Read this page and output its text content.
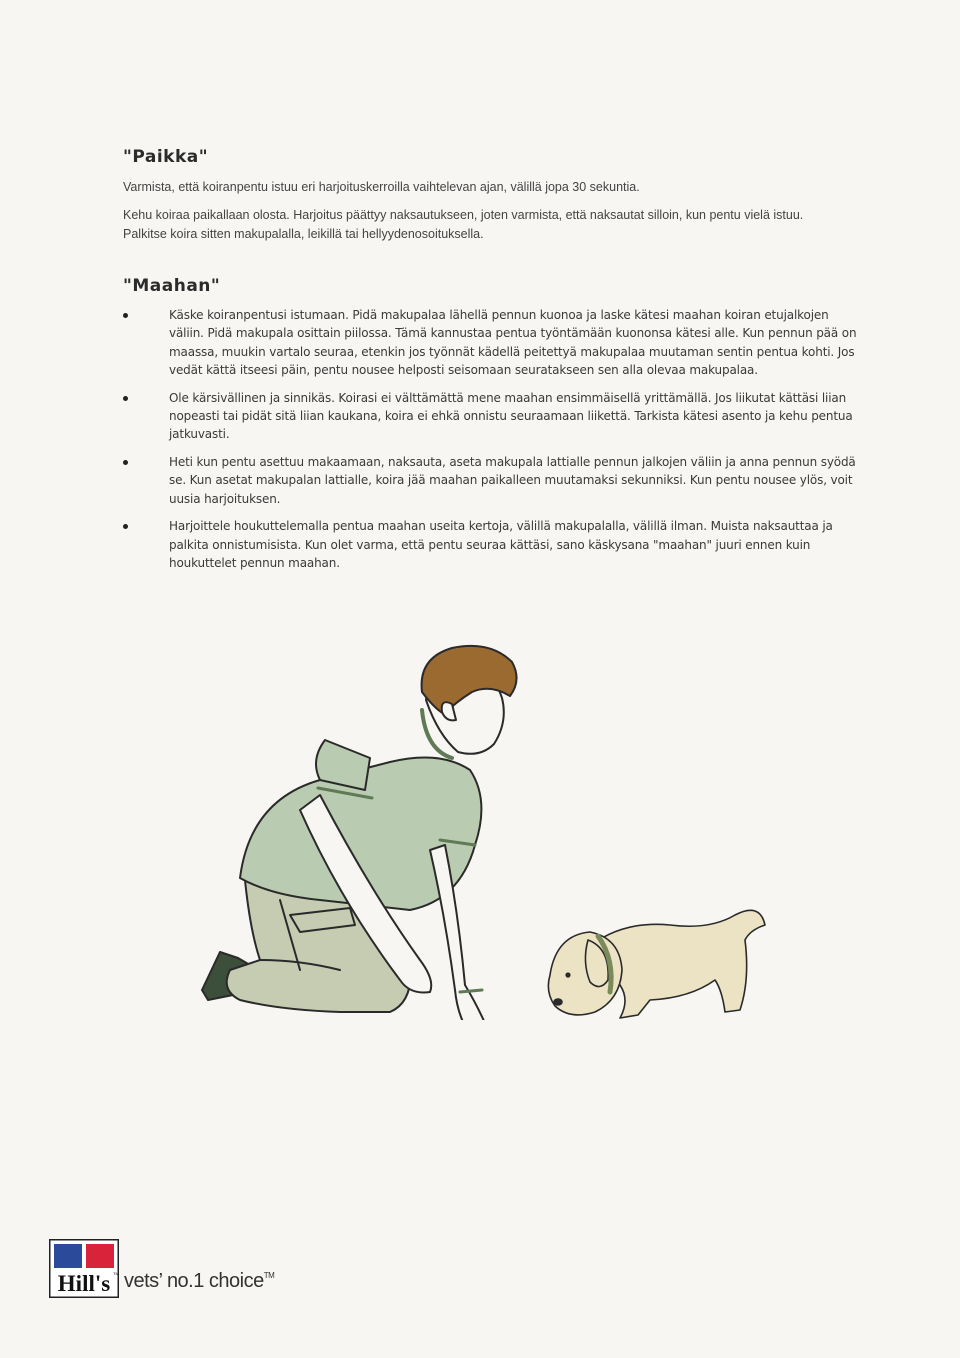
"Paikka"

Varmista, että koiranpentu istuu eri harjoituskerroilla vaihtelevan ajan, välillä jopa 30 sekuntia.

Kehu koiraa paikallaan olosta. Harjoitus päättyy naksautukseen, joten varmista, että naksautat silloin, kun pentu vielä istuu.

Palkitse koira sitten makupalalla, leikillä tai hellyydenosoituksella.

"Maahan"
Käske koiranpentusi istumaan. Pidä makupalaa lähellä pennun kuonoa ja laske kätesi maahan koiran etujalkojen väliin. Pidä makupala osittain piilossa. Tämä kannustaa pentua työntämään kuononsa kätesi alle. Kun pennun pää on maassa, muukin vartalo seuraa, etenkin jos työnnät kädellä peitettyä makupalaa muutaman sentin pentua kohti. Jos vedät kättä itseesi päin, pentu nousee helposti seisomaan seuratakseen sen alla olevaa makupalaa.
Ole kärsivällinen ja sinnikäs. Koirasi ei välttämättä mene maahan ensimmäisellä yrittämällä. Jos liikutat kättäsi liian nopeasti tai pidät sitä liian kaukana, koira ei ehkä onnistu seuraamaan liikettä. Tarkista kätesi asento ja kehu pentua jatkuvasti.
Heti kun pentu asettuu makaamaan, naksauta, aseta makupala lattialle pennun jalkojen väliin ja anna pennun syödä se. Kun asetat makupalan lattialle, koira jää maahan paikalleen muutamaksi sekunniksi. Kun pentu nousee ylös, voit uusia harjoituksen.
Harjoittele houkuttelemalla pentua maahan useita kertoja, välillä makupalalla, välillä ilman. Muista naksauttaa ja palkita onnistumisista. Kun olet varma, että pentu seuraa kättäsi, sano käskysana "maahan" juuri ennen kuin houkuttelet pennun maahan.
Hill's TM vets’ no.1 choice™
